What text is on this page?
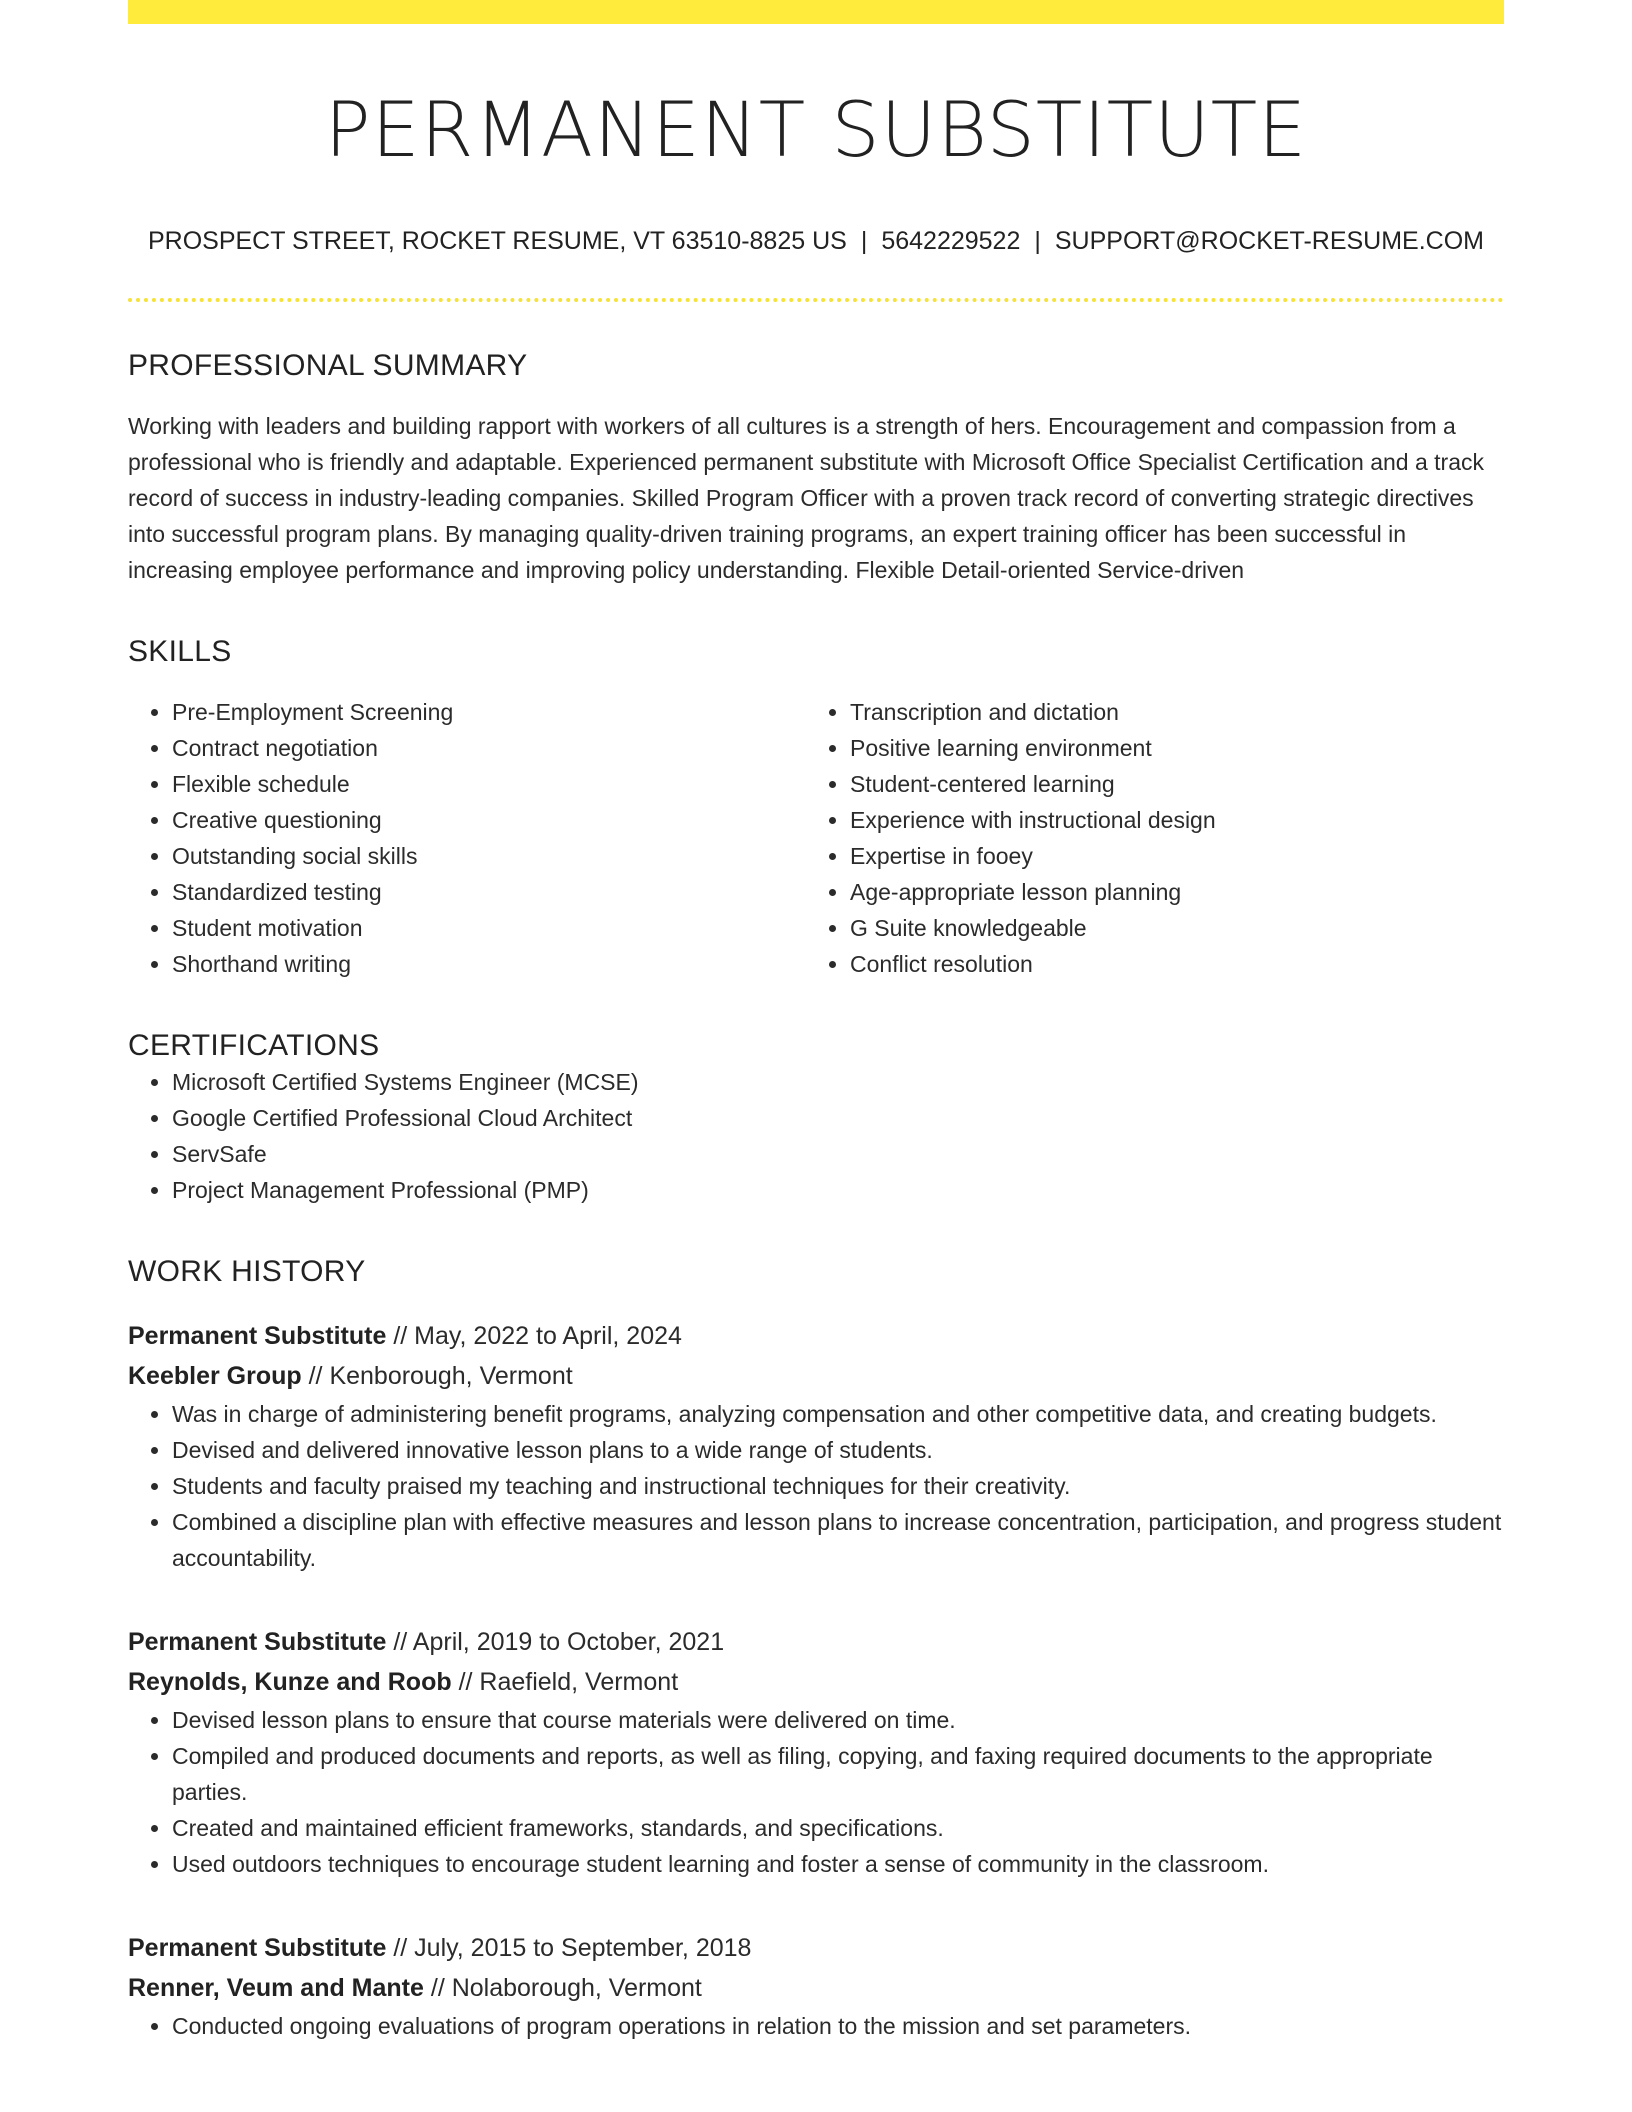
PERMANENT SUBSTITUTE
PROSPECT STREET, ROCKET RESUME, VT 63510-8825 US | 5642229522 | SUPPORT@ROCKET-RESUME.COM
PROFESSIONAL SUMMARY

Working with leaders and building rapport with workers of all cultures is a strength of hers. Encouragement and compassion from a professional who is friendly and adaptable. Experienced permanent substitute with Microsoft Office Specialist Certification and a track record of success in industry-leading companies. Skilled Program Officer with a proven track record of converting strategic directives into successful program plans. By managing quality-driven training programs, an expert training officer has been successful in increasing employee performance and improving policy understanding. Flexible Detail-oriented Service-driven

SKILLS
• Pre-Employment Screening
• Contract negotiation
• Flexible schedule
• Creative questioning
• Outstanding social skills
• Standardized testing
• Student motivation
• Shorthand writing
• Transcription and dictation
• Positive learning environment
• Student-centered learning
• Experience with instructional design
• Expertise in fooey
• Age-appropriate lesson planning
• G Suite knowledgeable
• Conflict resolution
CERTIFICATIONS
• Microsoft Certified Systems Engineer (MCSE)
• Google Certified Professional Cloud Architect
• ServSafe
• Project Management Professional (PMP)
WORK HISTORY
Permanent Substitute // May, 2022 to April, 2024
Keebler Group // Kenborough, Vermont
• Was in charge of administering benefit programs, analyzing compensation and other competitive data, and creating budgets.
• Devised and delivered innovative lesson plans to a wide range of students.
• Students and faculty praised my teaching and instructional techniques for their creativity.
• Combined a discipline plan with effective measures and lesson plans to increase concentration, participation, and progress student accountability.
Permanent Substitute // April, 2019 to October, 2021
Reynolds, Kunze and Roob // Raefield, Vermont
• Devised lesson plans to ensure that course materials were delivered on time.
• Compiled and produced documents and reports, as well as filing, copying, and faxing required documents to the appropriate parties.
• Created and maintained efficient frameworks, standards, and specifications.
• Used outdoors techniques to encourage student learning and foster a sense of community in the classroom.
Permanent Substitute // July, 2015 to September, 2018
Renner, Veum and Mante // Nolaborough, Vermont
• Conducted ongoing evaluations of program operations in relation to the mission and set parameters.
